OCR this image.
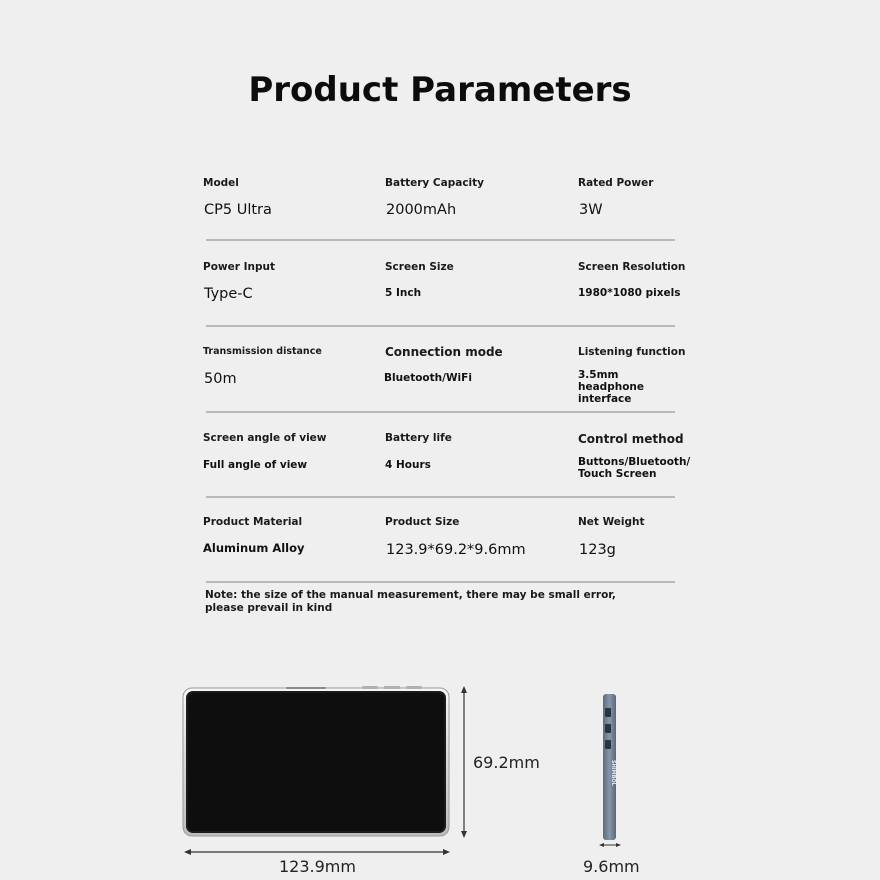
Product Parameters
Model
CP5 Ultra
Battery Capacity
2000mAh
Rated Power
3W
Power Input
Type-C
Screen Size
5 Inch
Screen Resolution
1980*1080 pixels
Transmission distance
50m
Connection mode
Bluetooth/WiFi
Listening function
3.5mm headphone interface
Screen angle of view
Full angle of view
Battery life
4 Hours
Control method
Buttons/Bluetooth/ Touch Screen
Product Material
Aluminum Alloy
Product Size
123.9*69.2*9.6mm
Net Weight
123g
Note: the size of the manual measurement, there may be small error, please prevail in kind
69.2mm
123.9mm
SHIMBOL
9.6mm
